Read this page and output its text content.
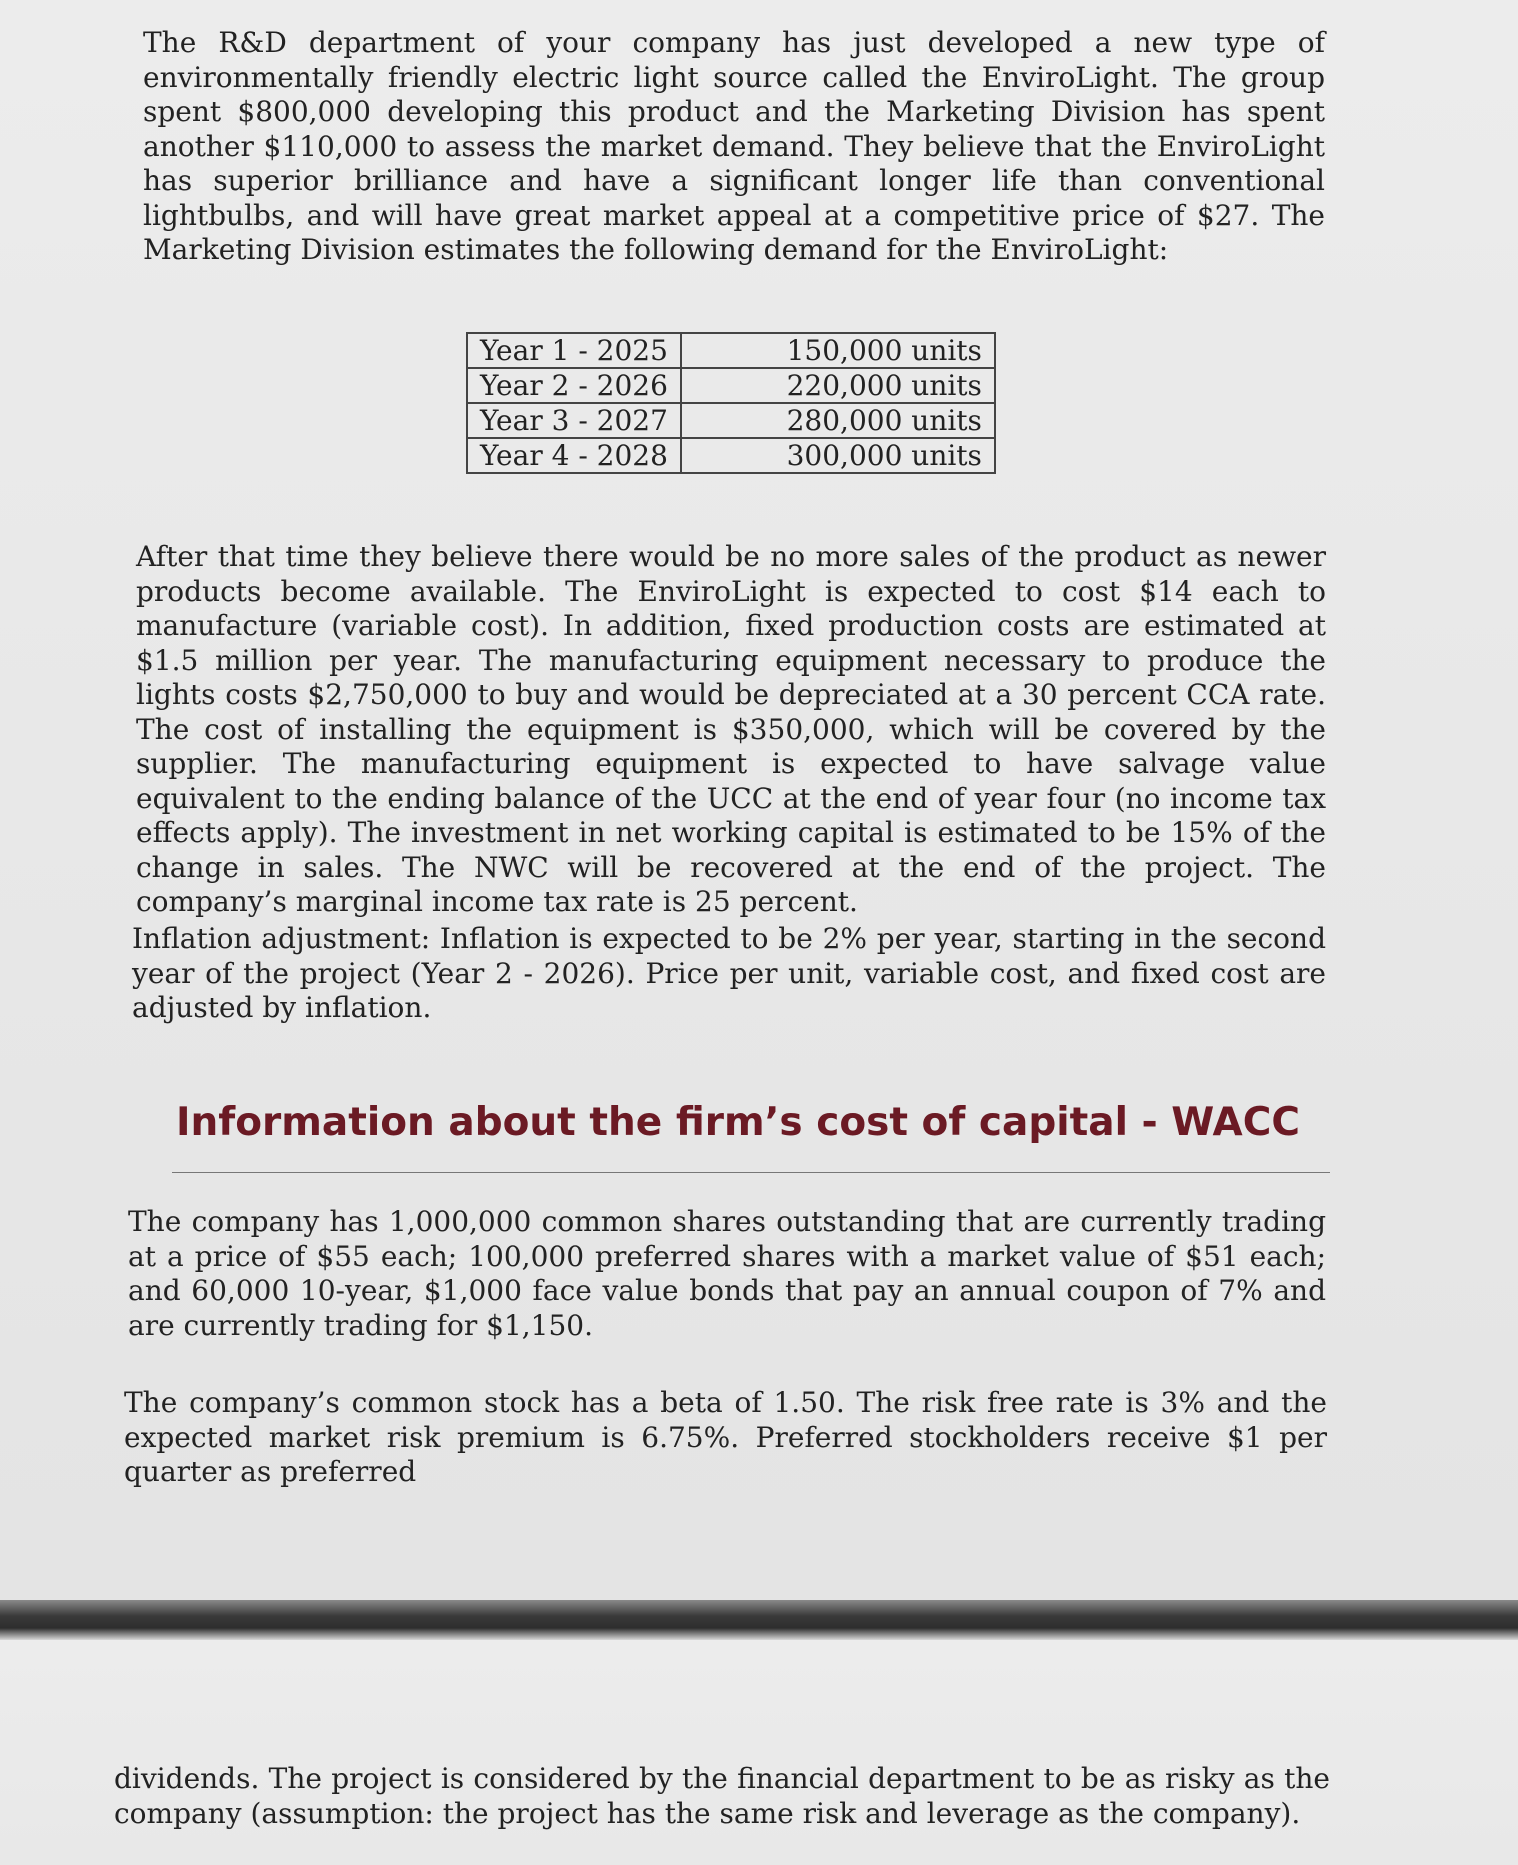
The R&D department of your company has just developed a new type of environmentally friendly electric light source called the EnviroLight. The group spent $800,000 developing this product and the Marketing Division has spent another $110,000 to assess the market demand. They believe that the EnviroLight has superior brilliance and have a significant longer life than conventional lightbulbs, and will have great market appeal at a competitive price of $27. The Marketing Division estimates the following demand for the EnviroLight:

Year 1 - 2025	150,000 units
Year 2 - 2026	220,000 units
Year 3 - 2027	280,000 units
Year 4 - 2028	300,000 units

After that time they believe there would be no more sales of the product as newer products become available. The EnviroLight is expected to cost $14 each to manufacture (variable cost). In addition, fixed production costs are estimated at $1.5 million per year. The manufacturing equipment necessary to produce the lights costs $2,750,000 to buy and would be depreciated at a 30 percent CCA rate. The cost of installing the equipment is $350,000, which will be covered by the supplier. The manufacturing equipment is expected to have salvage value equivalent to the ending balance of the UCC at the end of year four (no income tax effects apply). The investment in net working capital is estimated to be 15% of the change in sales. The NWC will be recovered at the end of the project. The company’s marginal income tax rate is 25 percent.

Inflation adjustment: Inflation is expected to be 2% per year, starting in the second year of the project (Year 2 - 2026). Price per unit, variable cost, and fixed cost are adjusted by inflation.

Information about the firm’s cost of capital - WACC

The company has 1,000,000 common shares outstanding that are currently trading at a price of $55 each; 100,000 preferred shares with a market value of $51 each; and 60,000 10-year, $1,000 face value bonds that pay an annual coupon of 7% and are currently trading for $1,150.

The company’s common stock has a beta of 1.50. The risk free rate is 3% and the expected market risk premium is 6.75%. Preferred stockholders receive $1 per quarter as preferred

dividends. The project is considered by the financial department to be as risky as the company (assumption: the project has the same risk and leverage as the company).
